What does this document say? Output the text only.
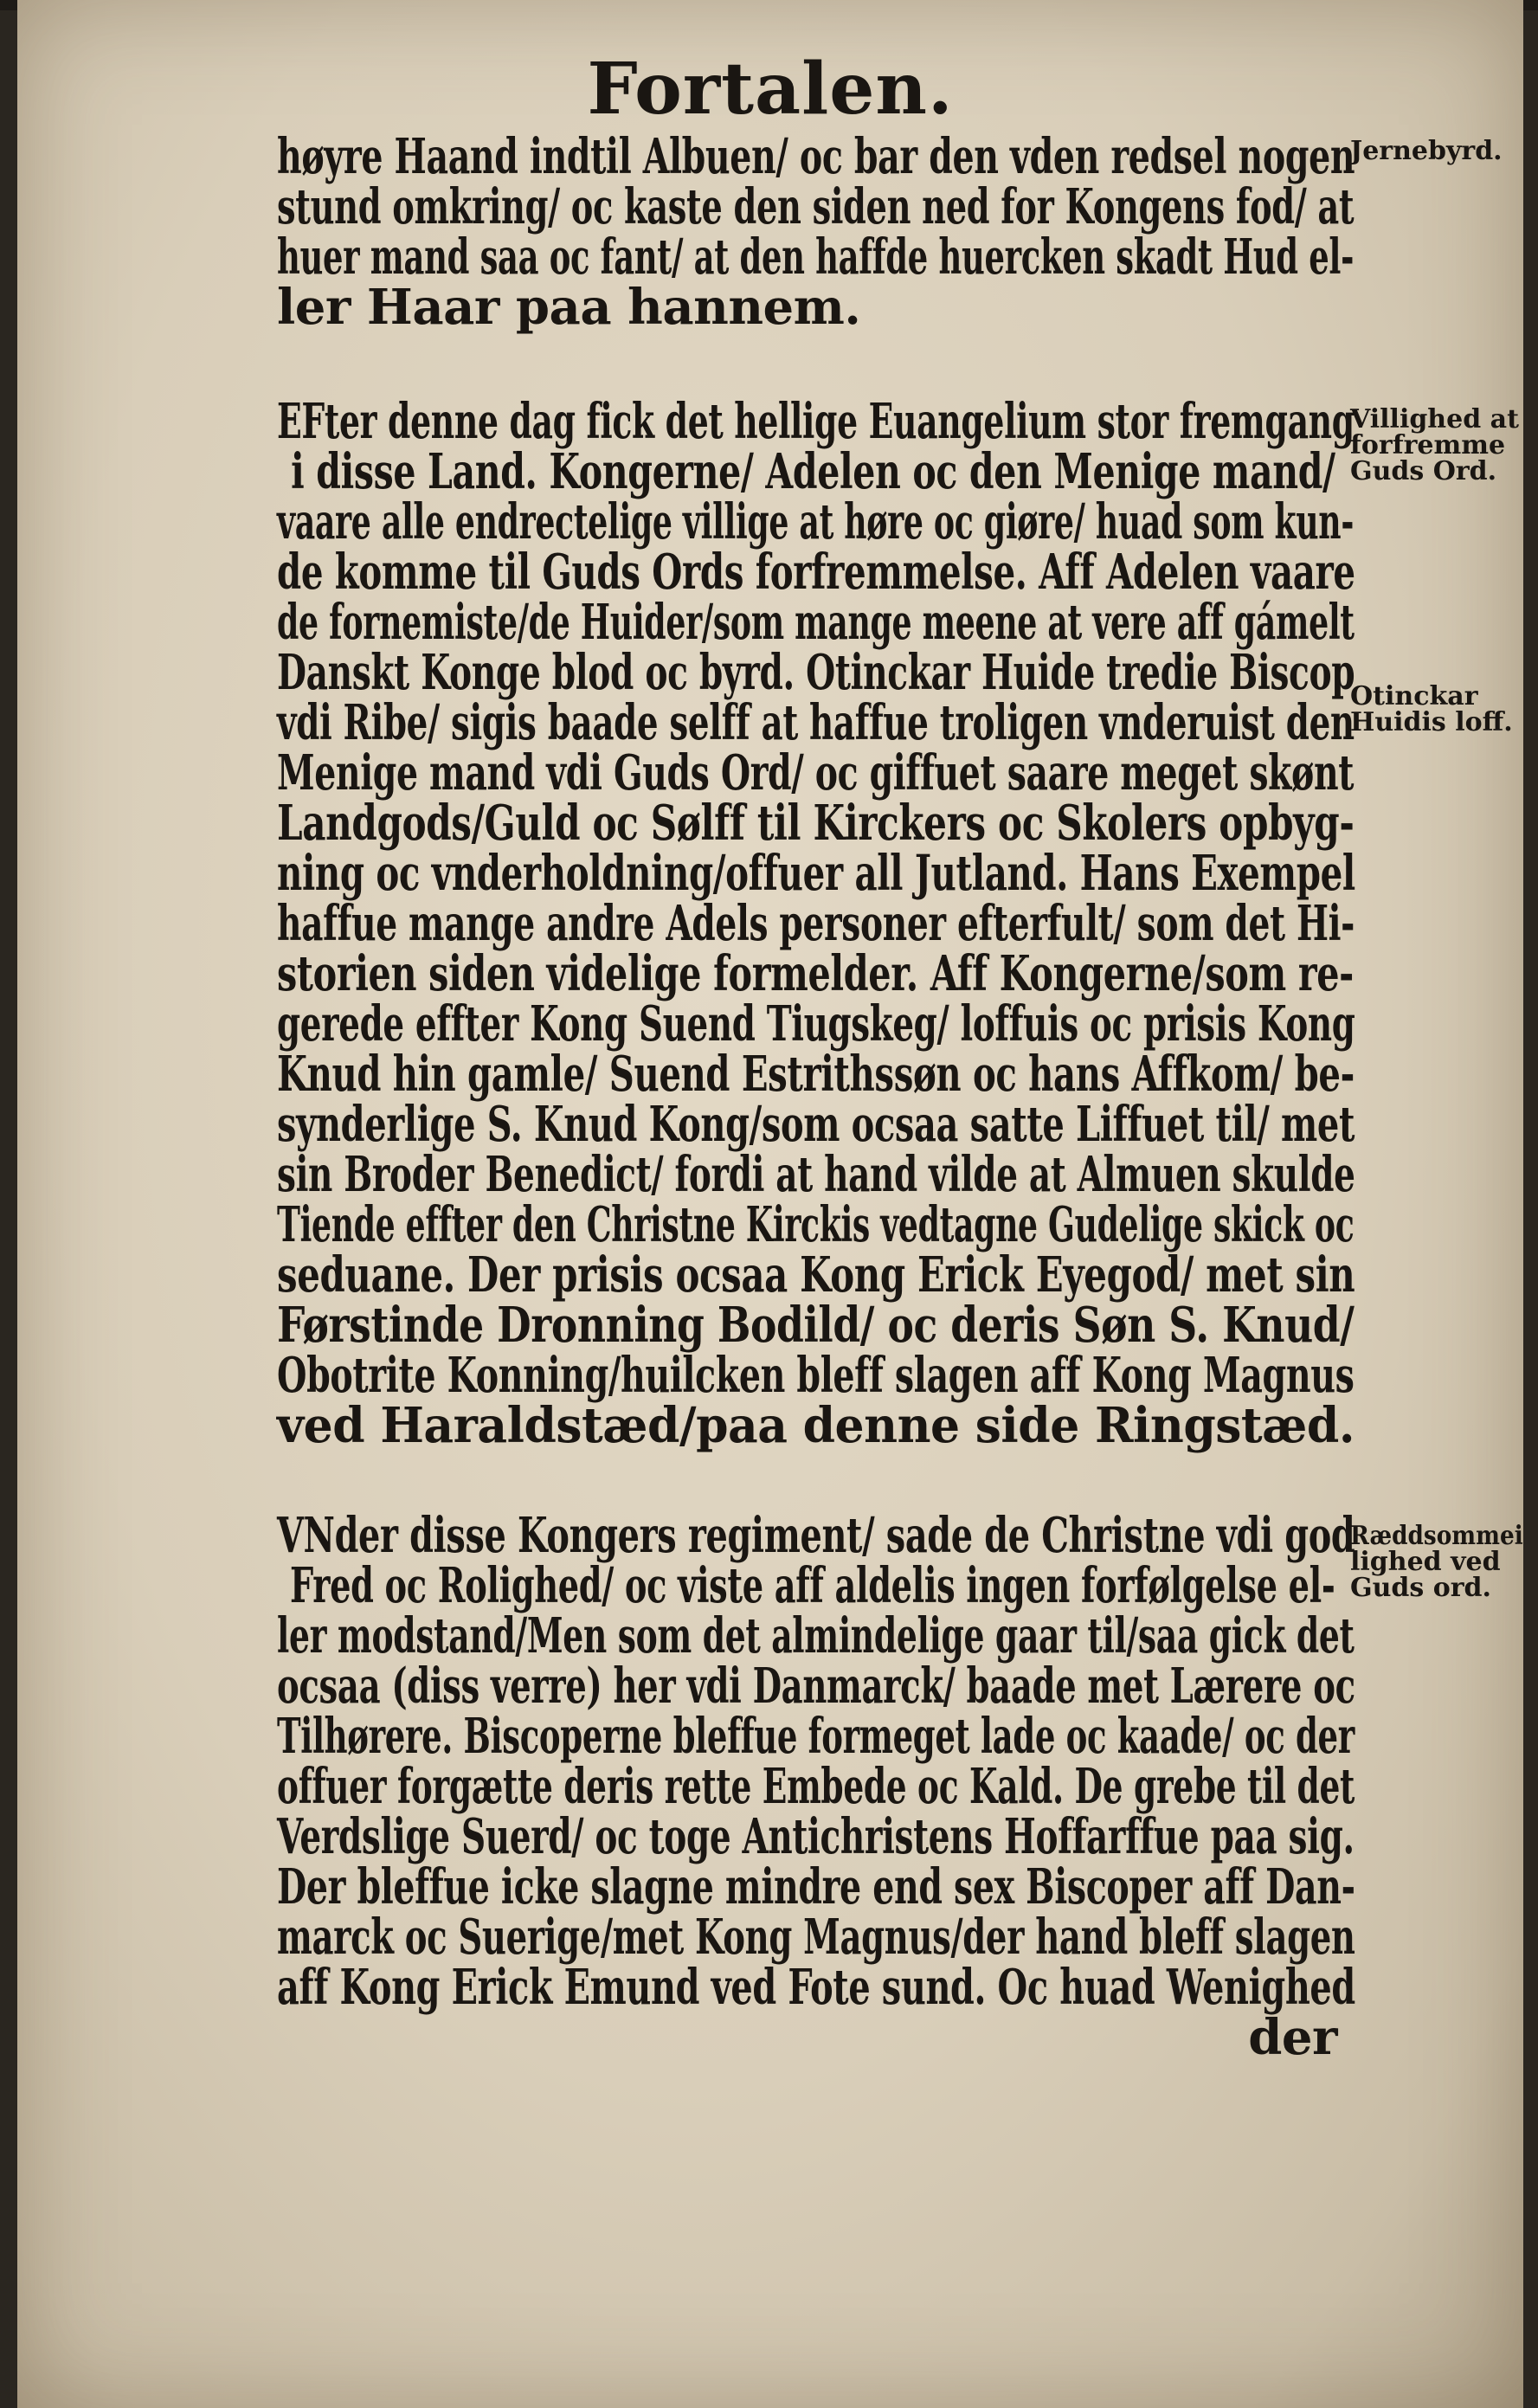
Fortalen.
høyre Haand indtil Albuen/ oc bar den vden redsel nogen
stund omkring/ oc kaste den siden ned for Kongens fod/ at
huer mand saa oc fant/ at den haffde huercken skadt Hud el-
ler Haar paa hannem.
EFter denne dag fick det hellige Euangelium stor fremgang
i disse Land. Kongerne/ Adelen oc den Menige mand/
vaare alle endrectelige villige at høre oc giøre/ huad som kun-
de komme til Guds Ords forfremmelse. Aff Adelen vaare
de fornemiste/de Huider/som mange meene at vere aff gámelt
Danskt Konge blod oc byrd. Otinckar Huide tredie Biscop
vdi Ribe/ sigis baade selff at haffue troligen vnderuist den
Menige mand vdi Guds Ord/ oc giffuet saare meget skønt
Landgods/Guld oc Sølff til Kirckers oc Skolers opbyg-
ning oc vnderholdning/offuer all Jutland. Hans Exempel
haffue mange andre Adels personer efterfult/ som det Hi-
storien siden videlige formelder. Aff Kongerne/som re-
gerede effter Kong Suend Tiugskeg/ loffuis oc prisis Kong
Knud hin gamle/ Suend Estrithssøn oc hans Affkom/ be-
synderlige S. Knud Kong/som ocsaa satte Liffuet til/ met
sin Broder Benedict/ fordi at hand vilde at Almuen skulde
Tiende effter den Christne Kirckis vedtagne Gudelige skick oc
seduane. Der prisis ocsaa Kong Erick Eyegod/ met sin
Førstinde Dronning Bodild/ oc deris Søn S. Knud/
Obotrite Konning/huilcken bleff slagen aff Kong Magnus
ved Haraldstæd/paa denne side Ringstæd.
VNder disse Kongers regiment/ sade de Christne vdi god
Fred oc Rolighed/ oc viste aff aldelis ingen forfølgelse el-
ler modstand/Men som det almindelige gaar til/saa gick det
ocsaa (diss verre) her vdi Danmarck/ baade met Lærere oc
Tilhørere. Biscoperne bleffue formeget lade oc kaade/ oc der
offuer forgætte deris rette Embede oc Kald. De grebe til det
Verdslige Suerd/ oc toge Antichristens Hoffarffue paa sig.
Der bleffue icke slagne mindre end sex Biscoper aff Dan-
marck oc Suerige/met Kong Magnus/der hand bleff slagen
aff Kong Erick Emund ved Fote sund. Oc huad Wenighed
der
Jernebyrd.
Villighed at
forfremme
Guds Ord.
Otinckar
Huidis loff.
Ræddsommei
lighed ved
Guds ord.
